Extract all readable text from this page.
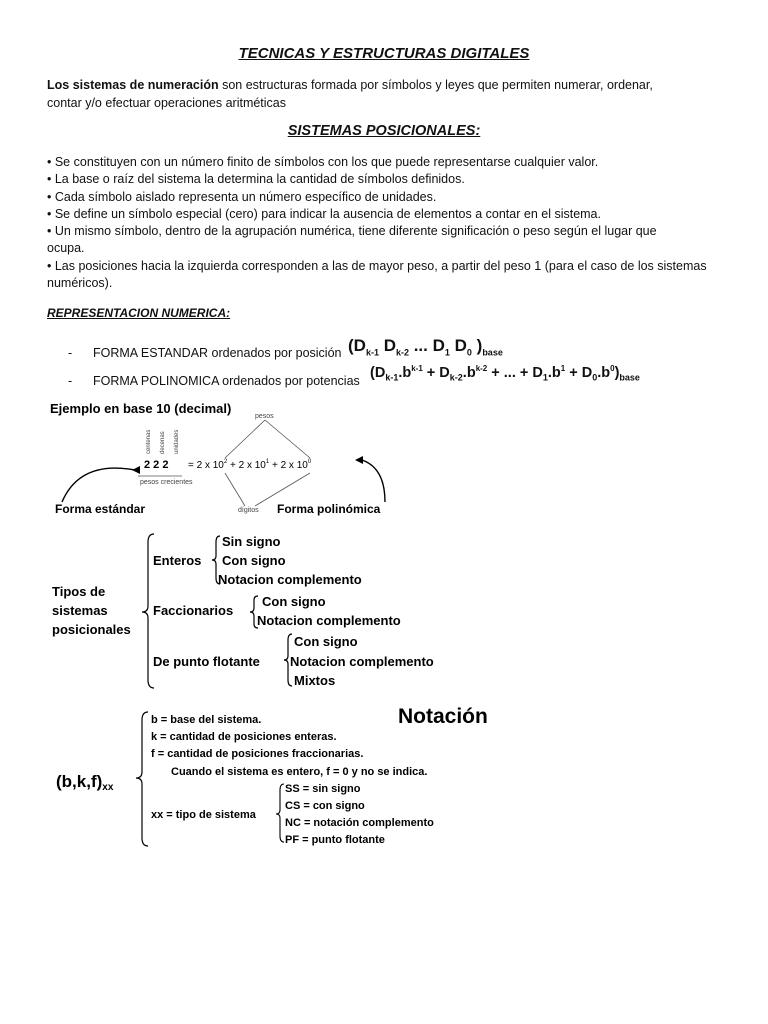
TECNICAS Y ESTRUCTURAS DIGITALES
Los sistemas de numeración son estructuras formada por símbolos y leyes que permiten numerar, ordenar,
contar y/o efectuar operaciones aritméticas
SISTEMAS POSICIONALES:
• Se constituyen con un número finito de símbolos con los que puede representarse cualquier valor.
• La base o raíz del sistema la determina la cantidad de símbolos definidos.
• Cada símbolo aislado representa un número específico de unidades.
• Se define un símbolo especial (cero) para indicar la ausencia de elementos a contar en el sistema.
• Un mismo símbolo, dentro de la agrupación numérica, tiene diferente significación o peso según el lugar que
ocupa.
• Las posiciones hacia la izquierda corresponden a las de mayor peso, a partir del peso 1 (para el caso de los sistemas
numéricos).
REPRESENTACION NUMERICA:
- FORMA ESTANDAR ordenados por posición ($D_{k-1}$ $D_{k-2}$ ... $D_1$ $D_0$ )$_{base}$
- FORMA POLINOMICA ordenados por potencias
($D_{k-1}.b^{k-1} + D_{k-2}.b^{k-2}$ + ... + $D_1.b^1 + D_0.b^0)_{base}$
Ejemplo en base 10 (decimal)
pesos
centenas decenas unidades
2 2 2 = 2 x $10^2 + 2$ x $10^1 + 2$ x $10^0$
pesos crecientes
dígitos
Forma estándar	Forma polinómica
Tipos de
sistemas
posicionales
Enteros
Sin signo
Con signo
Notacion complemento
Faccionarios
Con signo
Notacion complemento
De punto flotante
Con signo
Notacion complemento
Mixtos
Notación
(b,k,f)xx
b = base del sistema.
k = cantidad de posiciones enteras.
f = cantidad de posiciones fraccionarias.
Cuando el sistema es entero, f = 0 y no se indica.
xx = tipo de sistema
SS = sin signo
CS = con signo
NC = notación complemento
PF = punto flotante
